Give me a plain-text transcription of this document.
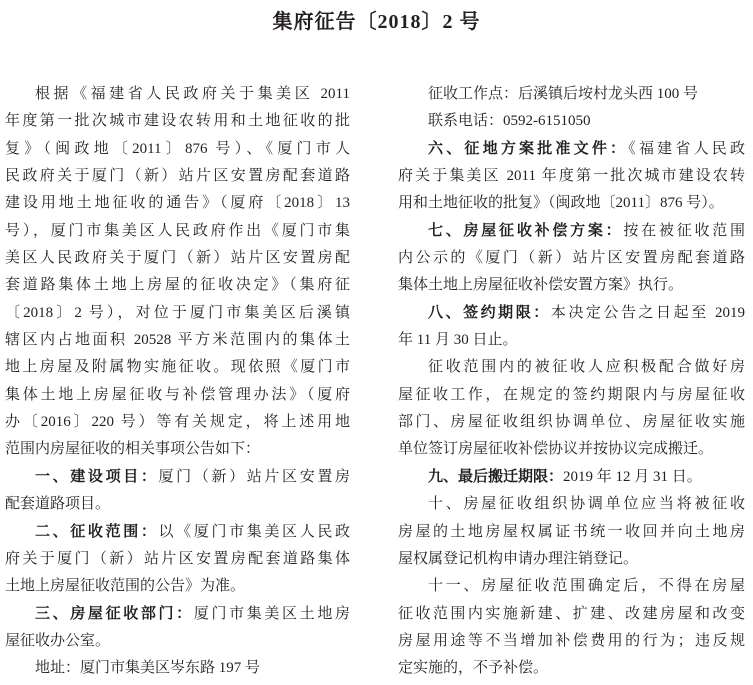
集府征告〔2018〕2 号
根据《福建省人民政府关于集美区 2011
年度第一批次城市建设农转用和土地征收的批
复》（闽政地〔2011〕876 号）、《厦门市人
民政府关于厦门（新）站片区安置房配套道路
建设用地土地征收的通告》（厦府〔2018〕13
号），厦门市集美区人民政府作出《厦门市集
美区人民政府关于厦门（新）站片区安置房配
套道路集体土地上房屋的征收决定》（集府征
〔2018〕2 号），对位于厦门市集美区后溪镇
辖区内占地面积 20528 平方米范围内的集体土
地上房屋及附属物实施征收。现依照《厦门市
集体土地上房屋征收与补偿管理办法》（厦府
办〔2016〕220 号）等有关规定，将上述用地
范围内房屋征收的相关事项公告如下：
一、建设项目：厦门（新）站片区安置房
配套道路项目。
二、征收范围：以《厦门市集美区人民政
府关于厦门（新）站片区安置房配套道路集体
土地上房屋征收范围的公告》为准。
三、房屋征收部门：厦门市集美区土地房
屋征收办公室。
地址：厦门市集美区岑东路 197 号
征收工作点：后溪镇后垵村龙头西 100 号
联系电话：0592-6151050
六、征地方案批准文件：《福建省人民政
府关于集美区 2011 年度第一批次城市建设农转
用和土地征收的批复》（闽政地〔2011〕876 号）。
七、房屋征收补偿方案：按在被征收范围
内公示的《厦门（新）站片区安置房配套道路
集体土地上房屋征收补偿安置方案》执行。
八、签约期限：本决定公告之日起至 2019
年 11 月 30 日止。
征收范围内的被征收人应积极配合做好房
屋征收工作，在规定的签约期限内与房屋征收
部门、房屋征收组织协调单位、房屋征收实施
单位签订房屋征收补偿协议并按协议完成搬迁。
九、最后搬迁期限：2019 年 12 月 31 日。
十、房屋征收组织协调单位应当将被征收
房屋的土地房屋权属证书统一收回并向土地房
屋权属登记机构申请办理注销登记。
十一、房屋征收范围确定后，不得在房屋
征收范围内实施新建、扩建、改建房屋和改变
房屋用途等不当增加补偿费用的行为；违反规
定实施的，不予补偿。
